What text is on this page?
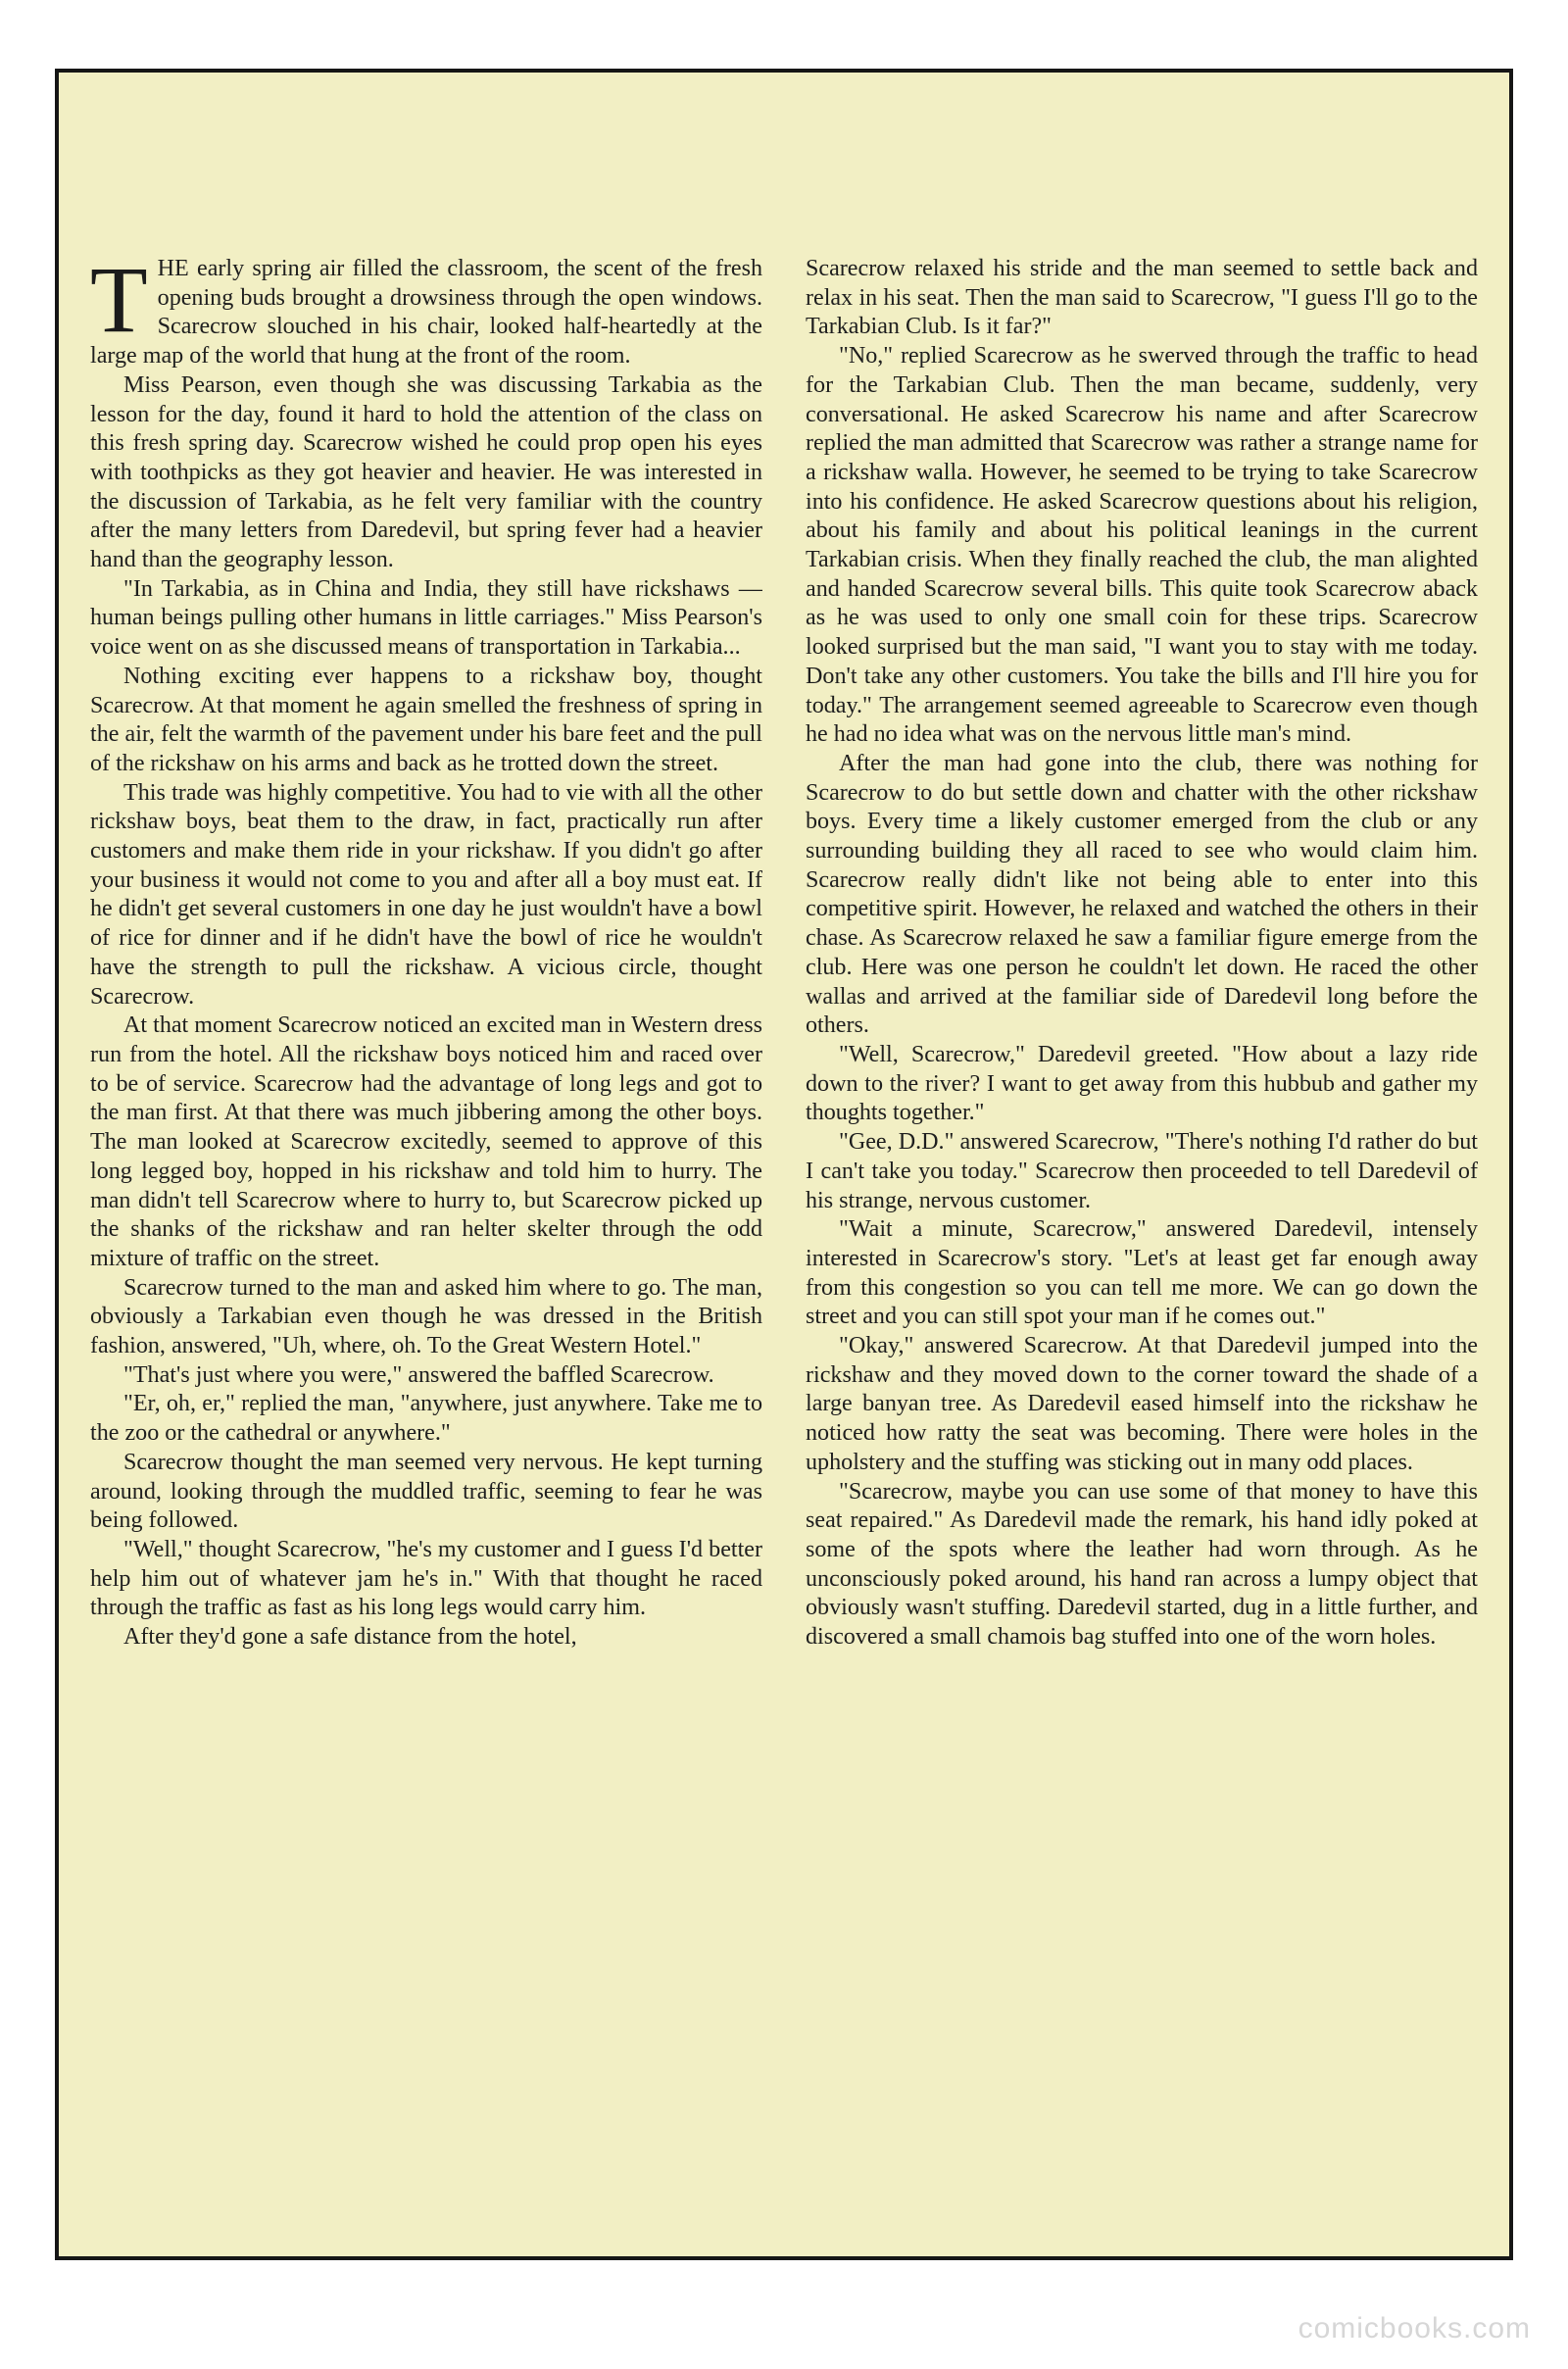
THE early spring air filled the classroom, the scent of the fresh opening buds brought a drowsiness through the open windows. Scarecrow slouched in his chair, looked half-heartedly at the large map of the world that hung at the front of the room.

Miss Pearson, even though she was discussing Tarkabia as the lesson for the day, found it hard to hold the attention of the class on this fresh spring day. Scarecrow wished he could prop open his eyes with toothpicks as they got heavier and heavier. He was interested in the discussion of Tarkabia, as he felt very familiar with the country after the many letters from Daredevil, but spring fever had a heavier hand than the geography lesson.

"In Tarkabia, as in China and India, they still have rickshaws — human beings pulling other humans in little carriages." Miss Pearson's voice went on as she discussed means of transportation in Tarkabia...

Nothing exciting ever happens to a rickshaw boy, thought Scarecrow. At that moment he again smelled the freshness of spring in the air, felt the warmth of the pavement under his bare feet and the pull of the rickshaw on his arms and back as he trotted down the street.

This trade was highly competitive. You had to vie with all the other rickshaw boys, beat them to the draw, in fact, practically run after customers and make them ride in your rickshaw. If you didn't go after your business it would not come to you and after all a boy must eat. If he didn't get several customers in one day he just wouldn't have a bowl of rice for dinner and if he didn't have the bowl of rice he wouldn't have the strength to pull the rickshaw. A vicious circle, thought Scarecrow.

At that moment Scarecrow noticed an excited man in Western dress run from the hotel. All the rickshaw boys noticed him and raced over to be of service. Scarecrow had the advantage of long legs and got to the man first. At that there was much jibbering among the other boys. The man looked at Scarecrow excitedly, seemed to approve of this long legged boy, hopped in his rickshaw and told him to hurry. The man didn't tell Scarecrow where to hurry to, but Scarecrow picked up the shanks of the rickshaw and ran helter skelter through the odd mixture of traffic on the street.

Scarecrow turned to the man and asked him where to go. The man, obviously a Tarkabian even though he was dressed in the British fashion, answered, "Uh, where, oh. To the Great Western Hotel."

"That's just where you were," answered the baffled Scarecrow.

"Er, oh, er," replied the man, "anywhere, just anywhere. Take me to the zoo or the cathedral or anywhere."

Scarecrow thought the man seemed very nervous. He kept turning around, looking through the muddled traffic, seeming to fear he was being followed.

"Well," thought Scarecrow, "he's my customer and I guess I'd better help him out of whatever jam he's in." With that thought he raced through the traffic as fast as his long legs would carry him.

After they'd gone a safe distance from the hotel,

Scarecrow relaxed his stride and the man seemed to settle back and relax in his seat. Then the man said to Scarecrow, "I guess I'll go to the Tarkabian Club. Is it far?"

"No," replied Scarecrow as he swerved through the traffic to head for the Tarkabian Club. Then the man became, suddenly, very conversational. He asked Scarecrow his name and after Scarecrow replied the man admitted that Scarecrow was rather a strange name for a rickshaw walla. However, he seemed to be trying to take Scarecrow into his confidence. He asked Scarecrow questions about his religion, about his family and about his political leanings in the current Tarkabian crisis. When they finally reached the club, the man alighted and handed Scarecrow several bills. This quite took Scarecrow aback as he was used to only one small coin for these trips. Scarecrow looked surprised but the man said, "I want you to stay with me today. Don't take any other customers. You take the bills and I'll hire you for today." The arrangement seemed agreeable to Scarecrow even though he had no idea what was on the nervous little man's mind.

After the man had gone into the club, there was nothing for Scarecrow to do but settle down and chatter with the other rickshaw boys. Every time a likely customer emerged from the club or any surrounding building they all raced to see who would claim him. Scarecrow really didn't like not being able to enter into this competitive spirit. However, he relaxed and watched the others in their chase. As Scarecrow relaxed he saw a familiar figure emerge from the club. Here was one person he couldn't let down. He raced the other wallas and arrived at the familiar side of Daredevil long before the others.

"Well, Scarecrow," Daredevil greeted. "How about a lazy ride down to the river? I want to get away from this hubbub and gather my thoughts together."

"Gee, D.D." answered Scarecrow, "There's nothing I'd rather do but I can't take you today." Scarecrow then proceeded to tell Daredevil of his strange, nervous customer.

"Wait a minute, Scarecrow," answered Daredevil, intensely interested in Scarecrow's story. "Let's at least get far enough away from this congestion so you can tell me more. We can go down the street and you can still spot your man if he comes out."

"Okay," answered Scarecrow. At that Daredevil jumped into the rickshaw and they moved down to the corner toward the shade of a large banyan tree. As Daredevil eased himself into the rickshaw he noticed how ratty the seat was becoming. There were holes in the upholstery and the stuffing was sticking out in many odd places.

"Scarecrow, maybe you can use some of that money to have this seat repaired." As Daredevil made the remark, his hand idly poked at some of the spots where the leather had worn through. As he unconsciously poked around, his hand ran across a lumpy object that obviously wasn't stuffing. Daredevil started, dug in a little further, and discovered a small chamois bag stuffed into one of the worn holes.

comicbooks.com
